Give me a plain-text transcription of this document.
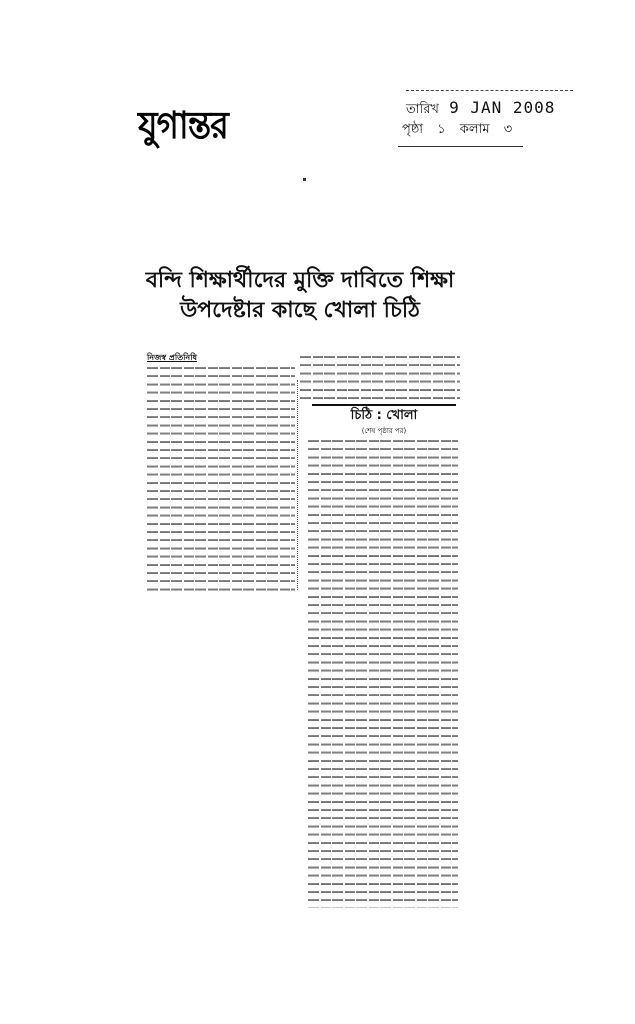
যুগান্তর	তারিখ 9 JAN 2008
পৃষ্ঠা ১ কলাম ৩
বন্দি শিক্ষার্থীদের মুক্তি দাবিতে শিক্ষা
উপদেষ্টার কাছে খোলা চিঠি
নিজস্ব প্রতিনিধি
চিঠি : খোলা
(শেষ পৃষ্ঠার পর)
